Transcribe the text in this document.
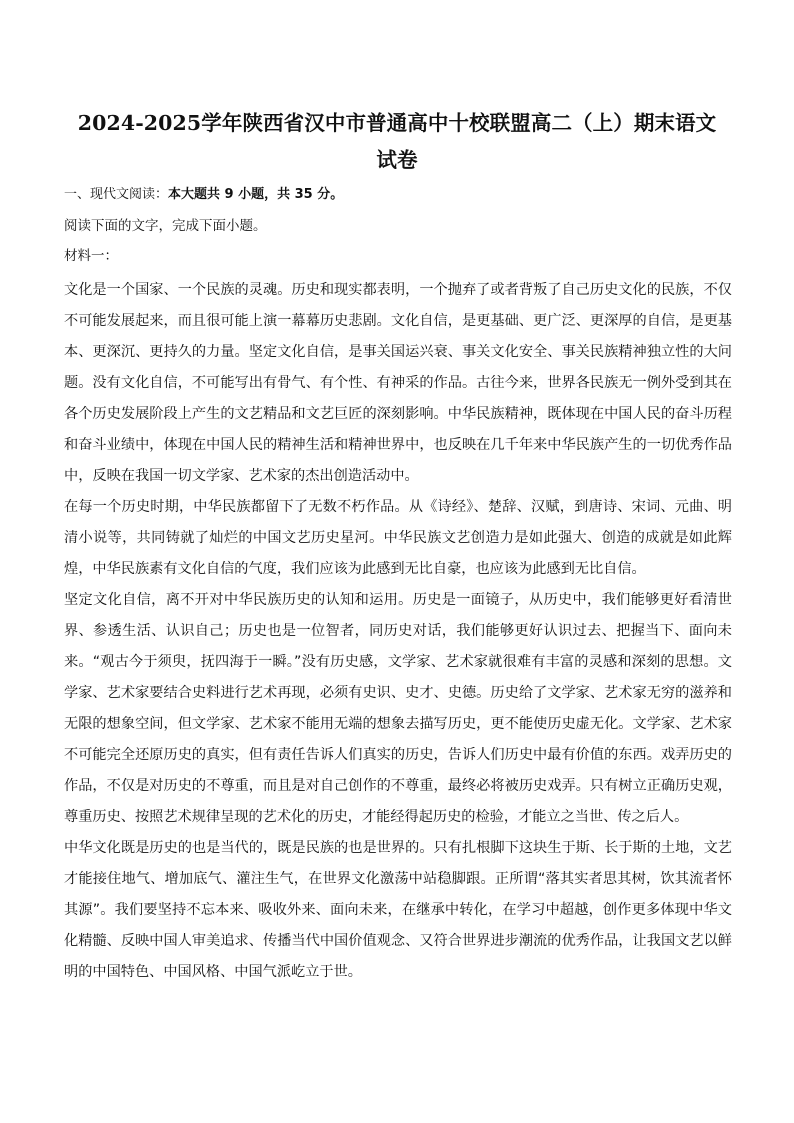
2024-2025学年陕西省汉中市普通高中十校联盟高二（上）期末语文
试卷
一、现代文阅读：本大题共 9 小题，共 35 分。
阅读下面的文字，完成下面小题。
材料一：

文化是一个国家、一个民族的灵魂。历史和现实都表明，一个抛弃了或者背叛了自己历史文化的民族，不仅不可能发展起来，而且很可能上演一幕幕历史悲剧。文化自信，是更基础、更广泛、更深厚的自信，是更基本、更深沉、更持久的力量。坚定文化自信，是事关国运兴衰、事关文化安全、事关民族精神独立性的大问题。没有文化自信，不可能写出有骨气、有个性、有神采的作品。古往今来，世界各民族无一例外受到其在各个历史发展阶段上产生的文艺精品和文艺巨匠的深刻影响。中华民族精神，既体现在中国人民的奋斗历程和奋斗业绩中，体现在中国人民的精神生活和精神世界中，也反映在几千年来中华民族产生的一切优秀作品中，反映在我国一切文学家、艺术家的杰出创造活动中。

在每一个历史时期，中华民族都留下了无数不朽作品。从《诗经》、楚辞、汉赋，到唐诗、宋词、元曲、明清小说等，共同铸就了灿烂的中国文艺历史星河。中华民族文艺创造力是如此强大、创造的成就是如此辉煌，中华民族素有文化自信的气度，我们应该为此感到无比自豪，也应该为此感到无比自信。

坚定文化自信，离不开对中华民族历史的认知和运用。历史是一面镜子，从历史中，我们能够更好看清世界、参透生活、认识自己；历史也是一位智者，同历史对话，我们能够更好认识过去、把握当下、面向未来。“观古今于须臾，抚四海于一瞬。”没有历史感，文学家、艺术家就很难有丰富的灵感和深刻的思想。文学家、艺术家要结合史料进行艺术再现，必须有史识、史才、史德。历史给了文学家、艺术家无穷的滋养和无限的想象空间，但文学家、艺术家不能用无端的想象去描写历史，更不能使历史虚无化。文学家、艺术家不可能完全还原历史的真实，但有责任告诉人们真实的历史，告诉人们历史中最有价值的东西。戏弄历史的作品，不仅是对历史的不尊重，而且是对自己创作的不尊重，最终必将被历史戏弄。只有树立正确历史观，尊重历史、按照艺术规律呈现的艺术化的历史，才能经得起历史的检验，才能立之当世、传之后人。

中华文化既是历史的也是当代的，既是民族的也是世界的。只有扎根脚下这块生于斯、长于斯的土地，文艺才能接住地气、增加底气、灌注生气，在世界文化激荡中站稳脚跟。正所谓“落其实者思其树，饮其流者怀其源”。我们要坚持不忘本来、吸收外来、面向未来，在继承中转化，在学习中超越，创作更多体现中华文化精髓、反映中国人审美追求、传播当代中国价值观念、又符合世界进步潮流的优秀作品，让我国文艺以鲜明的中国特色、中国风格、中国气派屹立于世。
